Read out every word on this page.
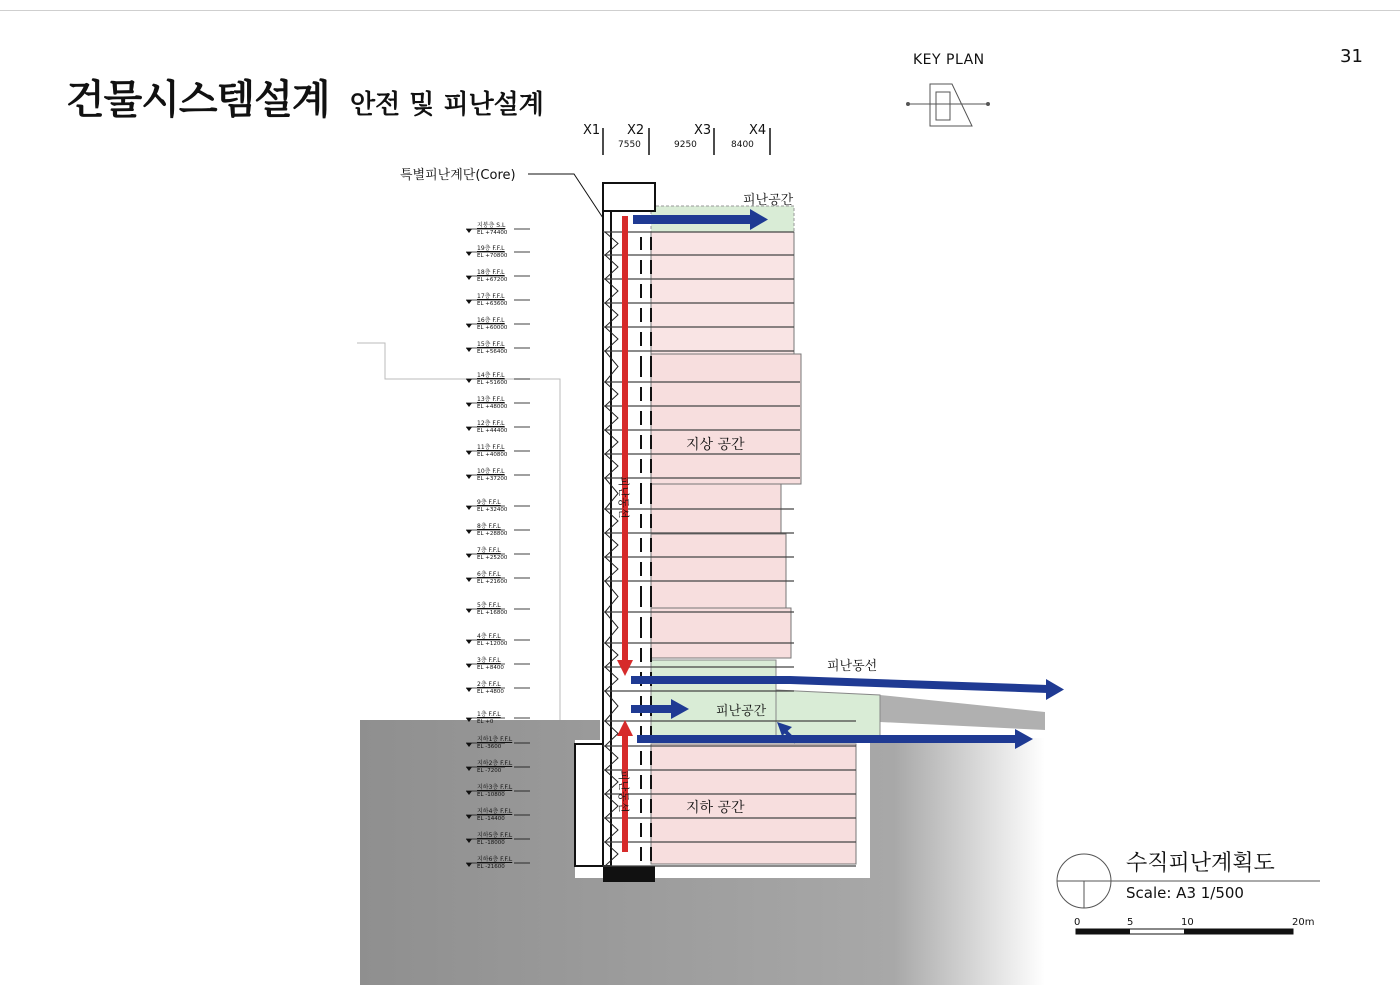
건물시스템설계 안전 및 피난설계
31
KEY PLAN
X1 X2	X3	X4
7550	9250	8400
특별피난계단(Core)
피난공간
피난동선
피난공간
지상 공간
지하 공간
피난동선
피난동선
지붕층 S.L
EL +74400
19층 F.F.L
EL +70800
18층 F.F.L
EL +67200
17층 F.F.L
EL +63600
16층 F.F.L
EL +60000
15층 F.F.L
EL +56400
14층 F.F.L
EL +51600
13층 F.F.L
EL +48000
12층 F.F.L
EL +44400
11층 F.F.L
EL +40800
10층 F.F.L
EL +37200
9층 F.F.L
EL +32400
8층 F.F.L
EL +28800
7층 F.F.L
EL +25200
6층 F.F.L
EL +21600
5층 F.F.L
EL +16800
4층 F.F.L
EL +12000
3층 F.F.L
EL +8400
2층 F.F.L
EL +4800
1층 F.F.L
EL +0
지하1층 F.F.L
EL -3600
지하2층 F.F.L
EL -7200
지하3층 F.F.L
EL -10800
지하4층 F.F.L
EL -14400
지하5층 F.F.L
EL -18000
지하6층 F.F.L
EL -21600	수직피난계획도
Scale: A3 1/500
0	5	10	20m
